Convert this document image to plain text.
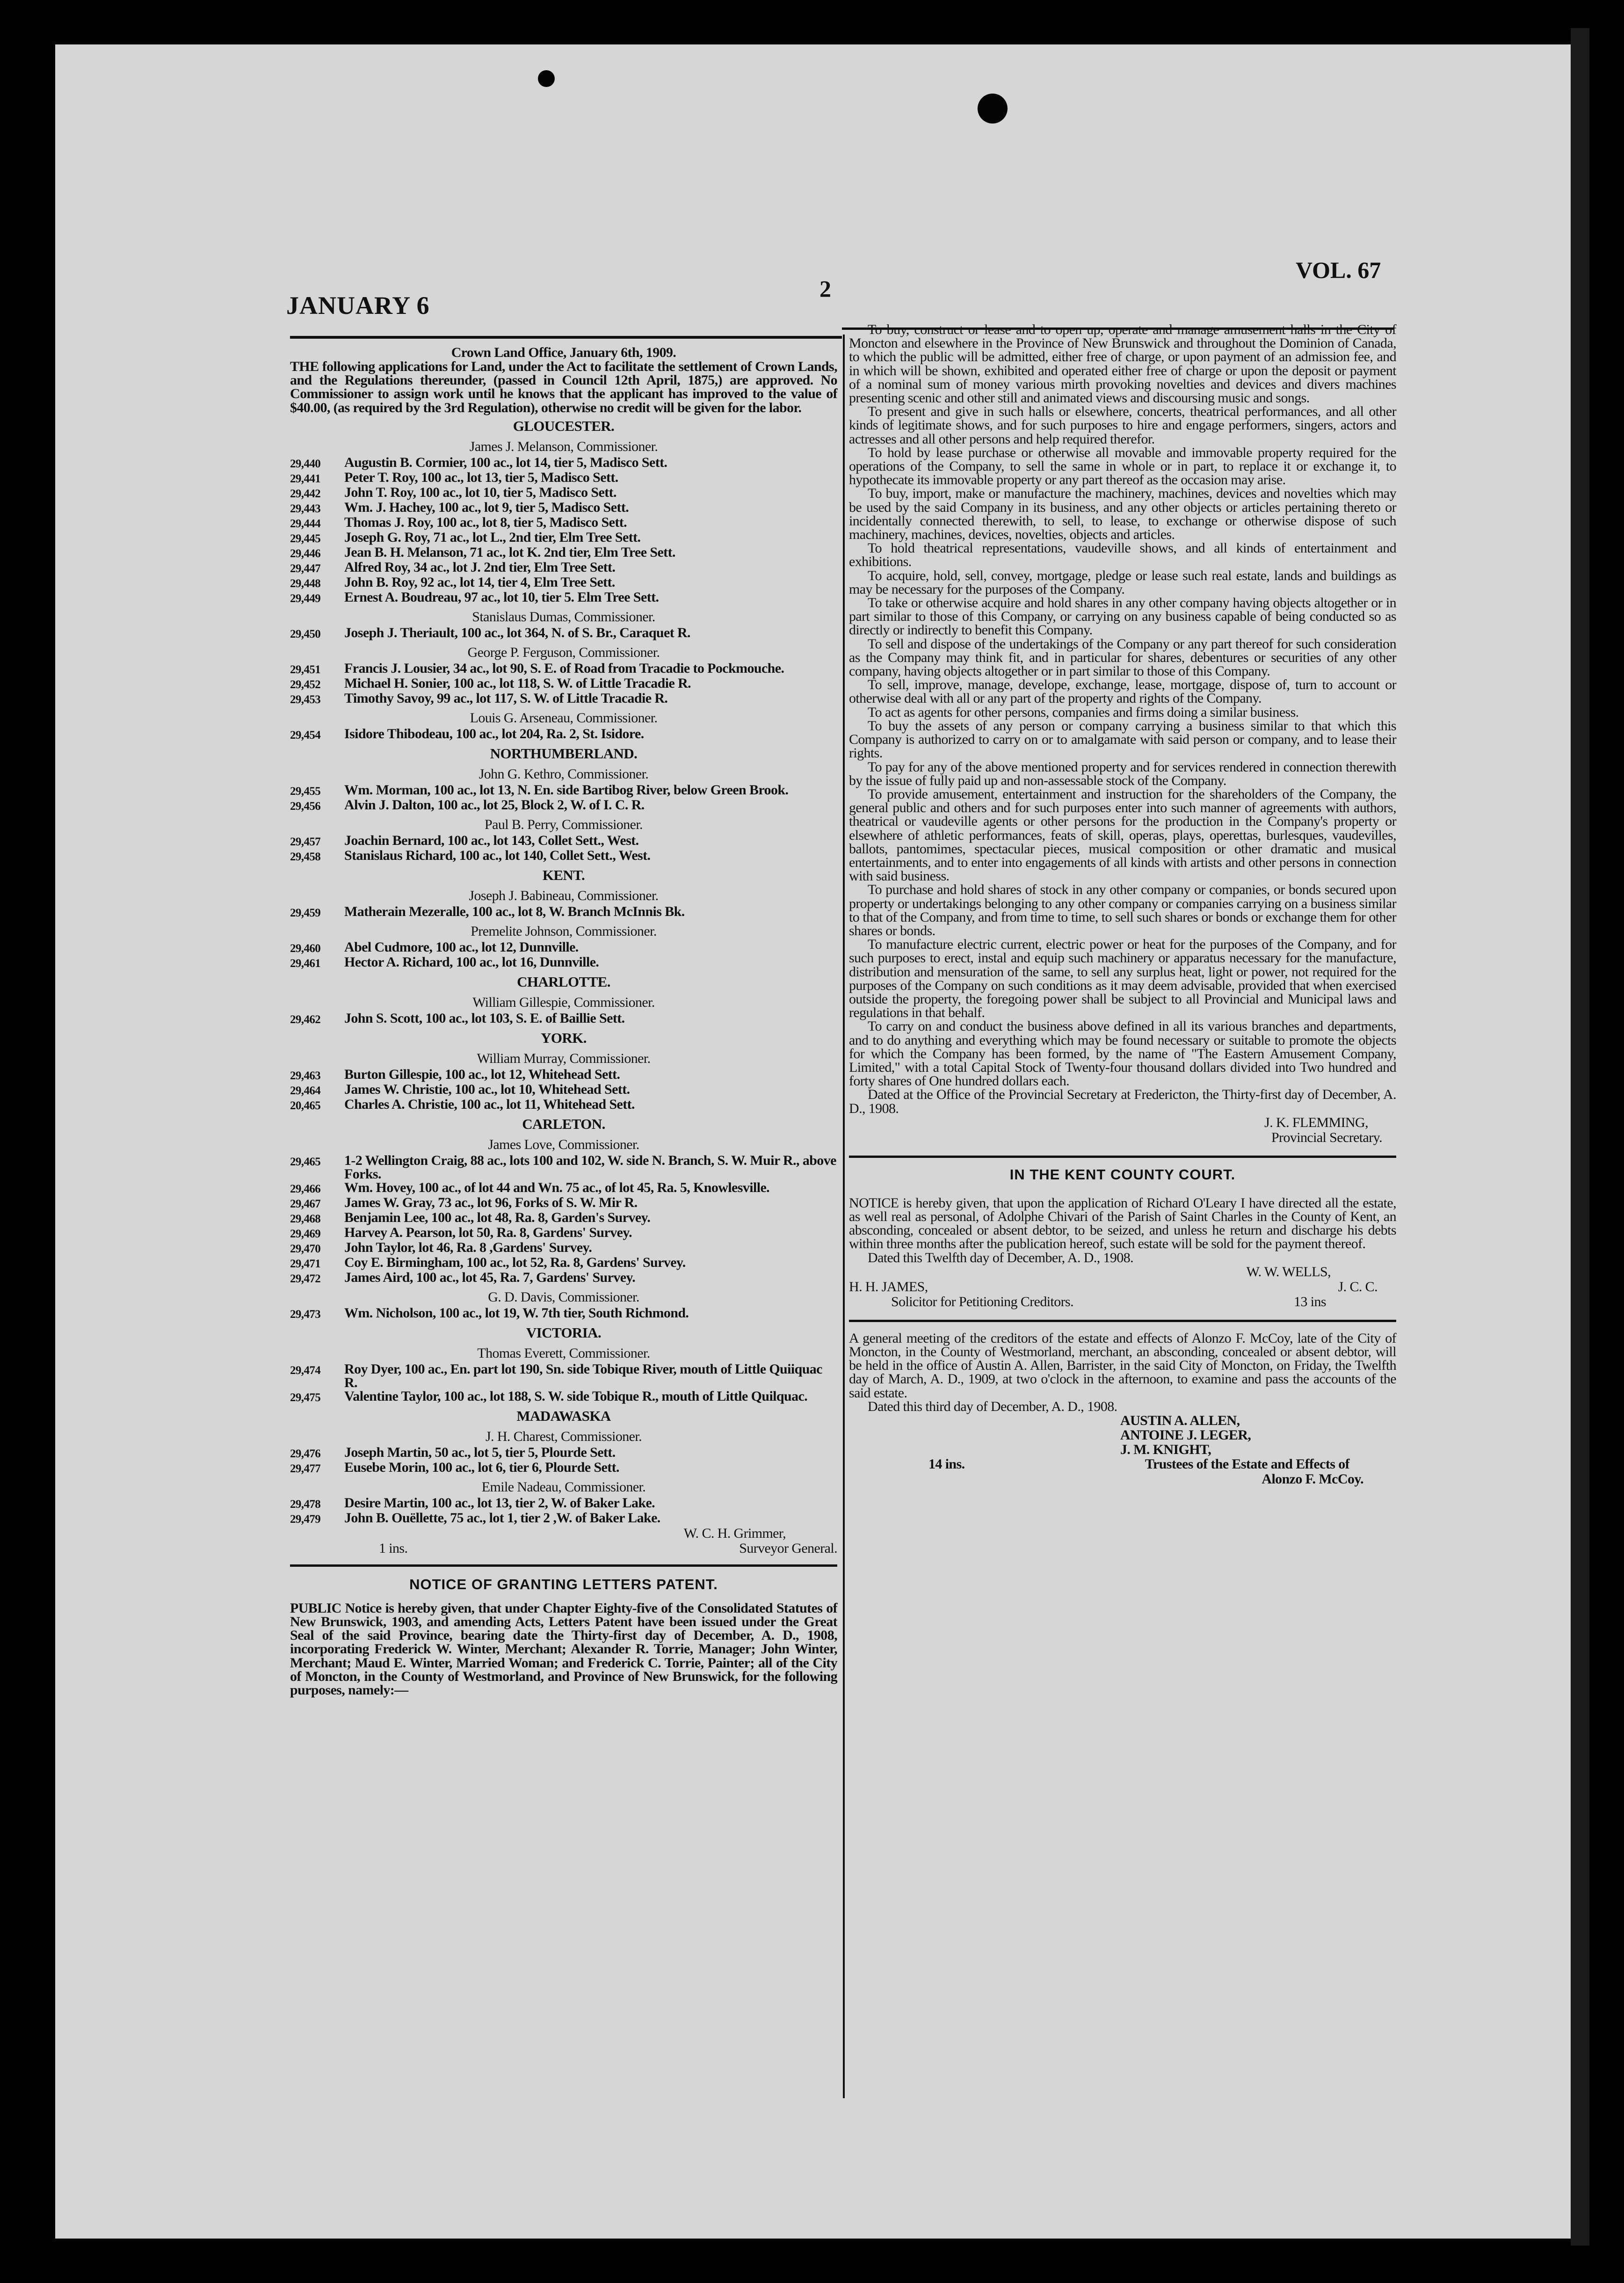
JANUARY 6
2
VOL. 67
Crown Land Office, January 6th, 1909.

THE following applications for Land, under the Act to facilitate the settlement of Crown Lands, and the Regulations thereunder, (passed in Council 12th April, 1875,) are approved. No Commissioner to assign work until he knows that the applicant has improved to the value of $40.00, (as required by the 3rd Regulation), otherwise no credit will be given for the labor.

GLOUCESTER.
James J. Melanson, Commissioner.
29,440	Augustin B. Cormier, 100 ac., lot 14, tier 5, Madisco Sett.
29,441	Peter T. Roy, 100 ac., lot 13, tier 5, Madisco Sett.
29,442	John T. Roy, 100 ac., lot 10, tier 5, Madisco Sett.
29,443	Wm. J. Hachey, 100 ac., lot 9, tier 5, Madisco Sett.
29,444	Thomas J. Roy, 100 ac., lot 8, tier 5, Madisco Sett.
29,445	Joseph G. Roy, 71 ac., lot L., 2nd tier, Elm Tree Sett.
29,446	Jean B. H. Melanson, 71 ac., lot K. 2nd tier, Elm Tree Sett.
29,447	Alfred Roy, 34 ac., lot J. 2nd tier, Elm Tree Sett.
29,448	John B. Roy, 92 ac., lot 14, tier 4, Elm Tree Sett.
29,449	Ernest A. Boudreau, 97 ac., lot 10, tier 5. Elm Tree Sett.
Stanislaus Dumas, Commissioner.
29,450	Joseph J. Theriault, 100 ac., lot 364, N. of S. Br., Caraquet R.
George P. Ferguson, Commissioner.
29,451	Francis J. Lousier, 34 ac., lot 90, S. E. of Road from Tracadie to Pockmouche.
29,452	Michael H. Sonier, 100 ac., lot 118, S. W. of Little Tracadie R.
29,453	Timothy Savoy, 99 ac., lot 117, S. W. of Little Tracadie R.
Louis G. Arseneau, Commissioner.
29,454	Isidore Thibodeau, 100 ac., lot 204, Ra. 2, St. Isidore.
NORTHUMBERLAND.
John G. Kethro, Commissioner.
29,455	Wm. Morman, 100 ac., lot 13, N. En. side Bartibog River, below Green Brook.
29,456	Alvin J. Dalton, 100 ac., lot 25, Block 2, W. of I. C. R.
Paul B. Perry, Commissioner.
29,457	Joachin Bernard, 100 ac., lot 143, Collet Sett., West.
29,458	Stanislaus Richard, 100 ac., lot 140, Collet Sett., West.
KENT.
Joseph J. Babineau, Commissioner.
29,459	Matherain Mezeralle, 100 ac., lot 8, W. Branch McInnis Bk.
Premelite Johnson, Commissioner.
29,460	Abel Cudmore, 100 ac., lot 12, Dunnville.
29,461	Hector A. Richard, 100 ac., lot 16, Dunnville.
CHARLOTTE.
William Gillespie, Commissioner.
29,462	John S. Scott, 100 ac., lot 103, S. E. of Baillie Sett.
YORK.
William Murray, Commissioner.
29,463	Burton Gillespie, 100 ac., lot 12, Whitehead Sett.
29,464	James W. Christie, 100 ac., lot 10, Whitehead Sett.
20,465	Charles A. Christie, 100 ac., lot 11, Whitehead Sett.
CARLETON.
James Love, Commissioner.
29,465	1-2 Wellington Craig, 88 ac., lots 100 and 102, W. side N. Branch, S. W. Muir R., above Forks.
29,466	Wm. Hovey, 100 ac., of lot 44 and Wn. 75 ac., of lot 45, Ra. 5, Knowlesville.
29,467	James W. Gray, 73 ac., lot 96, Forks of S. W. Mir R.
29,468	Benjamin Lee, 100 ac., lot 48, Ra. 8, Garden's Survey.
29,469	Harvey A. Pearson, lot 50, Ra. 8, Gardens' Survey.
29,470	John Taylor, lot 46, Ra. 8 ,Gardens' Survey.
29,471	Coy E. Birmingham, 100 ac., lot 52, Ra. 8, Gardens' Survey.
29,472	James Aird, 100 ac., lot 45, Ra. 7, Gardens' Survey.
G. D. Davis, Commissioner.
29,473	Wm. Nicholson, 100 ac., lot 19, W. 7th tier, South Richmond.
VICTORIA.
Thomas Everett, Commissioner.
29,474	Roy Dyer, 100 ac., En. part lot 190, Sn. side Tobique River, mouth of Little Quiiquac R.
29,475	Valentine Taylor, 100 ac., lot 188, S. W. side Tobique R., mouth of Little Quilquac.
MADAWASKA
J. H. Charest, Commissioner.
29,476	Joseph Martin, 50 ac., lot 5, tier 5, Plourde Sett.
29,477	Eusebe Morin, 100 ac., lot 6, tier 6, Plourde Sett.
Emile Nadeau, Commissioner.
29,478	Desire Martin, 100 ac., lot 13, tier 2, W. of Baker Lake.
29,479	John B. Ouëllette, 75 ac., lot 1, tier 2 ,W. of Baker Lake.
W. C. H. Grimmer,
1 ins.	Surveyor General.
NOTICE OF GRANTING LETTERS PATENT.

PUBLIC Notice is hereby given, that under Chapter Eighty-five of the Consolidated Statutes of New Brunswick, 1903, and amending Acts, Letters Patent have been issued under the Great Seal of the said Province, bearing date the Thirty-first day of December, A. D., 1908, incorporating Frederick W. Winter, Merchant; Alexander R. Torrie, Manager; John Winter, Merchant; Maud E. Winter, Married Woman; and Frederick C. Torrie, Painter; all of the City of Moncton, in the County of Westmorland, and Province of New Brunswick, for the following purposes, namely:—

To buy, construct or lease and to open up, operate and manage amusement halls in the City of Moncton and elsewhere in the Province of New Brunswick and throughout the Dominion of Canada, to which the public will be admitted, either free of charge, or upon payment of an admission fee, and in which will be shown, exhibited and operated either free of charge or upon the deposit or payment of a nominal sum of money various mirth provoking novelties and devices and divers machines presenting scenic and other still and animated views and discoursing music and songs.

To present and give in such halls or elsewhere, concerts, theatrical performances, and all other kinds of legitimate shows, and for such purposes to hire and engage performers, singers, actors and actresses and all other persons and help required therefor.

To hold by lease purchase or otherwise all movable and immovable property required for the operations of the Company, to sell the same in whole or in part, to replace it or exchange it, to hypothecate its immovable property or any part thereof as the occasion may arise.

To buy, import, make or manufacture the machinery, machines, devices and novelties which may be used by the said Company in its business, and any other objects or articles pertaining thereto or incidentally connected therewith, to sell, to lease, to exchange or otherwise dispose of such machinery, machines, devices, novelties, objects and articles.

To hold theatrical representations, vaudeville shows, and all kinds of entertainment and exhibitions.

To acquire, hold, sell, convey, mortgage, pledge or lease such real estate, lands and buildings as may be necessary for the purposes of the Company.

To take or otherwise acquire and hold shares in any other company having objects altogether or in part similar to those of this Company, or carrying on any business capable of being conducted so as directly or indirectly to benefit this Company.

To sell and dispose of the undertakings of the Company or any part thereof for such consideration as the Company may think fit, and in particular for shares, debentures or securities of any other company, having objects altogether or in part similar to those of this Company.

To sell, improve, manage, develope, exchange, lease, mortgage, dispose of, turn to account or otherwise deal with all or any part of the property and rights of the Company.

To act as agents for other persons, companies and firms doing a similar business.

To buy the assets of any person or company carrying a business similar to that which this Company is authorized to carry on or to amalgamate with said person or company, and to lease their rights.

To pay for any of the above mentioned property and for services rendered in connection therewith by the issue of fully paid up and non-assessable stock of the Company.

To provide amusement, entertainment and instruction for the shareholders of the Company, the general public and others and for such purposes enter into such manner of agreements with authors, theatrical or vaudeville agents or other persons for the production in the Company's property or elsewhere of athletic performances, feats of skill, operas, plays, operettas, burlesques, vaudevilles, ballots, pantomimes, spectacular pieces, musical composition or other dramatic and musical entertainments, and to enter into engagements of all kinds with artists and other persons in connection with said business.

To purchase and hold shares of stock in any other company or companies, or bonds secured upon property or undertakings belonging to any other company or companies carrying on a business similar to that of the Company, and from time to time, to sell such shares or bonds or exchange them for other shares or bonds.

To manufacture electric current, electric power or heat for the purposes of the Company, and for such purposes to erect, instal and equip such machinery or apparatus necessary for the manufacture, distribution and mensuration of the same, to sell any surplus heat, light or power, not required for the purposes of the Company on such conditions as it may deem advisable, provided that when exercised outside the property, the foregoing power shall be subject to all Provincial and Municipal laws and regulations in that behalf.

To carry on and conduct the business above defined in all its various branches and departments, and to do anything and everything which may be found necessary or suitable to promote the objects for which the Company has been formed, by the name of "The Eastern Amusement Company, Limited," with a total Capital Stock of Twenty-four thousand dollars divided into Two hundred and forty shares of One hundred dollars each.

Dated at the Office of the Provincial Secretary at Fredericton, the Thirty-first day of December, A. D., 1908.

J. K. FLEMMING,
Provincial Secretary.
IN THE KENT COUNTY COURT.

NOTICE is hereby given, that upon the application of Richard O'Leary I have directed all the estate, as well real as personal, of Adolphe Chivari of the Parish of Saint Charles in the County of Kent, an absconding, concealed or absent debtor, to be seized, and unless he return and discharge his debts within three months after the publication hereof, such estate will be sold for the payment thereof.

Dated this Twelfth day of December, A. D., 1908.

W. W. WELLS,
H. H. JAMES,	J. C. C.
Solicitor for Petitioning Creditors.	13 ins

A general meeting of the creditors of the estate and effects of Alonzo F. McCoy, late of the City of Moncton, in the County of Westmorland, merchant, an absconding, concealed or absent debtor, will be held in the office of Austin A. Allen, Barrister, in the said City of Moncton, on Friday, the Twelfth day of March, A. D., 1909, at two o'clock in the afternoon, to examine and pass the accounts of the said estate.

Dated this third day of December, A. D., 1908.

AUSTIN A. ALLEN,
ANTOINE J. LEGER,
J. M. KNIGHT,
14 ins.	Trustees of the Estate and Effects of
Alonzo F. McCoy.
